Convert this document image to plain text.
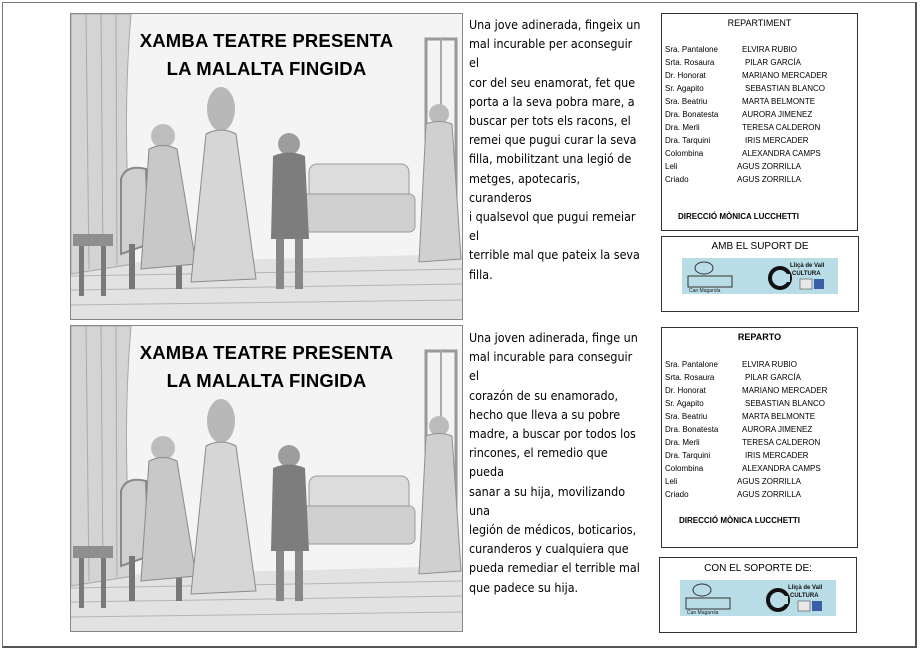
XAMBA TEATRE PRESENTA
LA MALALTA FINGIDA
Una jove adinerada, fingeix un
mal incurable per aconseguir el
cor del seu enamorat, fet que
porta a la seva pobra mare, a
buscar per tots els racons, el
remei que pugui curar la seva
filla, mobilitzant una legió de
metges, apotecaris, curanderos
i qualsevol que pugui remeiar el
terrible mal que pateix la seva
filla.
REPARTIMENT
Sra. Pantalone	ELVIRA RUBIO
Srta. Rosaura	PILAR GARCÍA
Dr. Honorat	MARIANO MERCADER
Sr. Agapito	SEBASTIAN BLANCO
Sra. Beatriu	MARTA BELMONTE
Dra. Bonatesta	AURORA JIMENEZ
Dra. Merli	TERESA CALDERON
Dra. Tarquini	IRIS MERCADER
Colombina	ALEXANDRA CAMPS
Leli	AGUS ZORRILLA
Criado	AGUS ZORRILLA
DIRECCIÓ MÒNICA LUCCHETTI
AMB EL SUPORT DE
Can Magarola
Lliçà de Vall
CULTURA
XAMBA TEATRE PRESENTA
LA MALALTA FINGIDA
Una joven adinerada, finge un
mal incurable para conseguir el
corazón de su enamorado,
hecho que lleva a su pobre
madre, a buscar por todos los
rincones, el remedio que pueda
sanar a su hija, movilizando una
legión de médicos, boticarios,
curanderos y cualquiera que
pueda remediar el terrible mal
que padece su hija.
REPARTO
Sra. Pantalone	ELVIRA RUBIO
Srta. Rosaura	PILAR GARCÍA
Dr. Honorat	MARIANO MERCADER
Sr. Agapito	SEBASTIAN BLANCO
Sra. Beatriu	MARTA BELMONTE
Dra. Bonatesta	AURORA JIMENEZ
Dra. Merli	TERESA CALDERON
Dra. Tarquini	IRIS MERCADER
Colombina	ALEXANDRA CAMPS
Leli	AGUS ZORRILLA
Criado	AGUS ZORRILLA
DIRECCIÓ MÒNICA LUCCHETTI
CON EL SOPORTE DE:
Can Magarola
Lliçà de Vall
CULTURA
